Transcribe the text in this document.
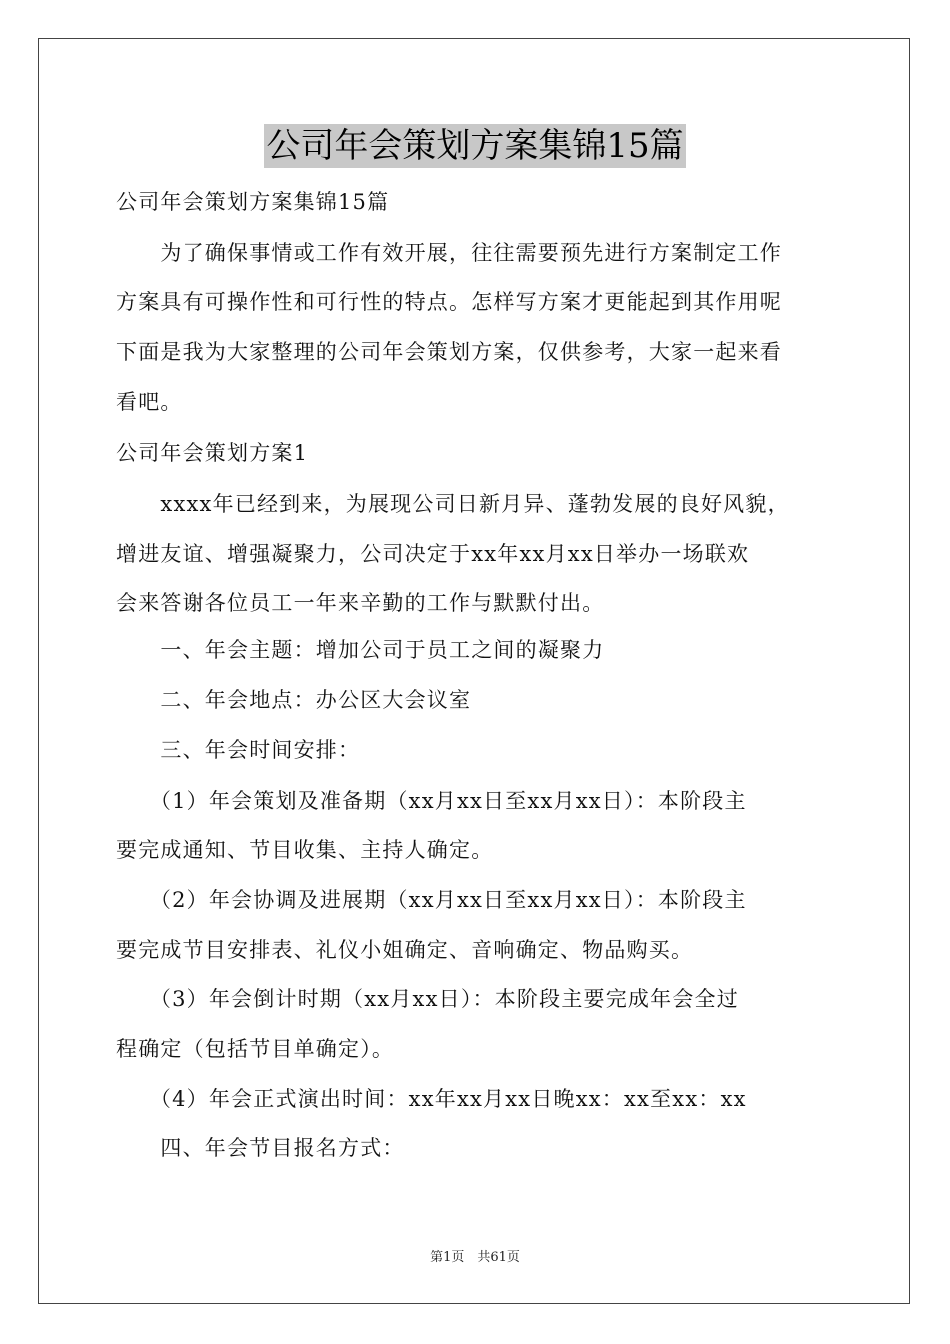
公司年会策划方案集锦15篇
公司年会策划方案集锦15篇
　　为了确保事情或工作有效开展，往往需要预先进行方案制定工作
方案具有可操作性和可行性的特点。怎样写方案才更能起到其作用呢
下面是我为大家整理的公司年会策划方案，仅供参考，大家一起来看
看吧。
公司年会策划方案1
　　xxxx年已经到来，为展现公司日新月异、蓬勃发展的良好风貌，
增进友谊、增强凝聚力，公司决定于xx年xx月xx日举办一场联欢
会来答谢各位员工一年来辛勤的工作与默默付出。
　　一、年会主题：增加公司于员工之间的凝聚力
　　二、年会地点：办公区大会议室
　　三、年会时间安排：
　　（1）年会策划及准备期（xx月xx日至xx月xx日）：本阶段主
要完成通知、节目收集、主持人确定。
　　（2）年会协调及进展期（xx月xx日至xx月xx日）：本阶段主
要完成节目安排表、礼仪小姐确定、音响确定、物品购买。
　　（3）年会倒计时期（xx月xx日）：本阶段主要完成年会全过
程确定（包括节目单确定）。
　　（4）年会正式演出时间：xx年xx月xx日晚xx：xx至xx：xx
　　四、年会节目报名方式：
第1页　共61页
